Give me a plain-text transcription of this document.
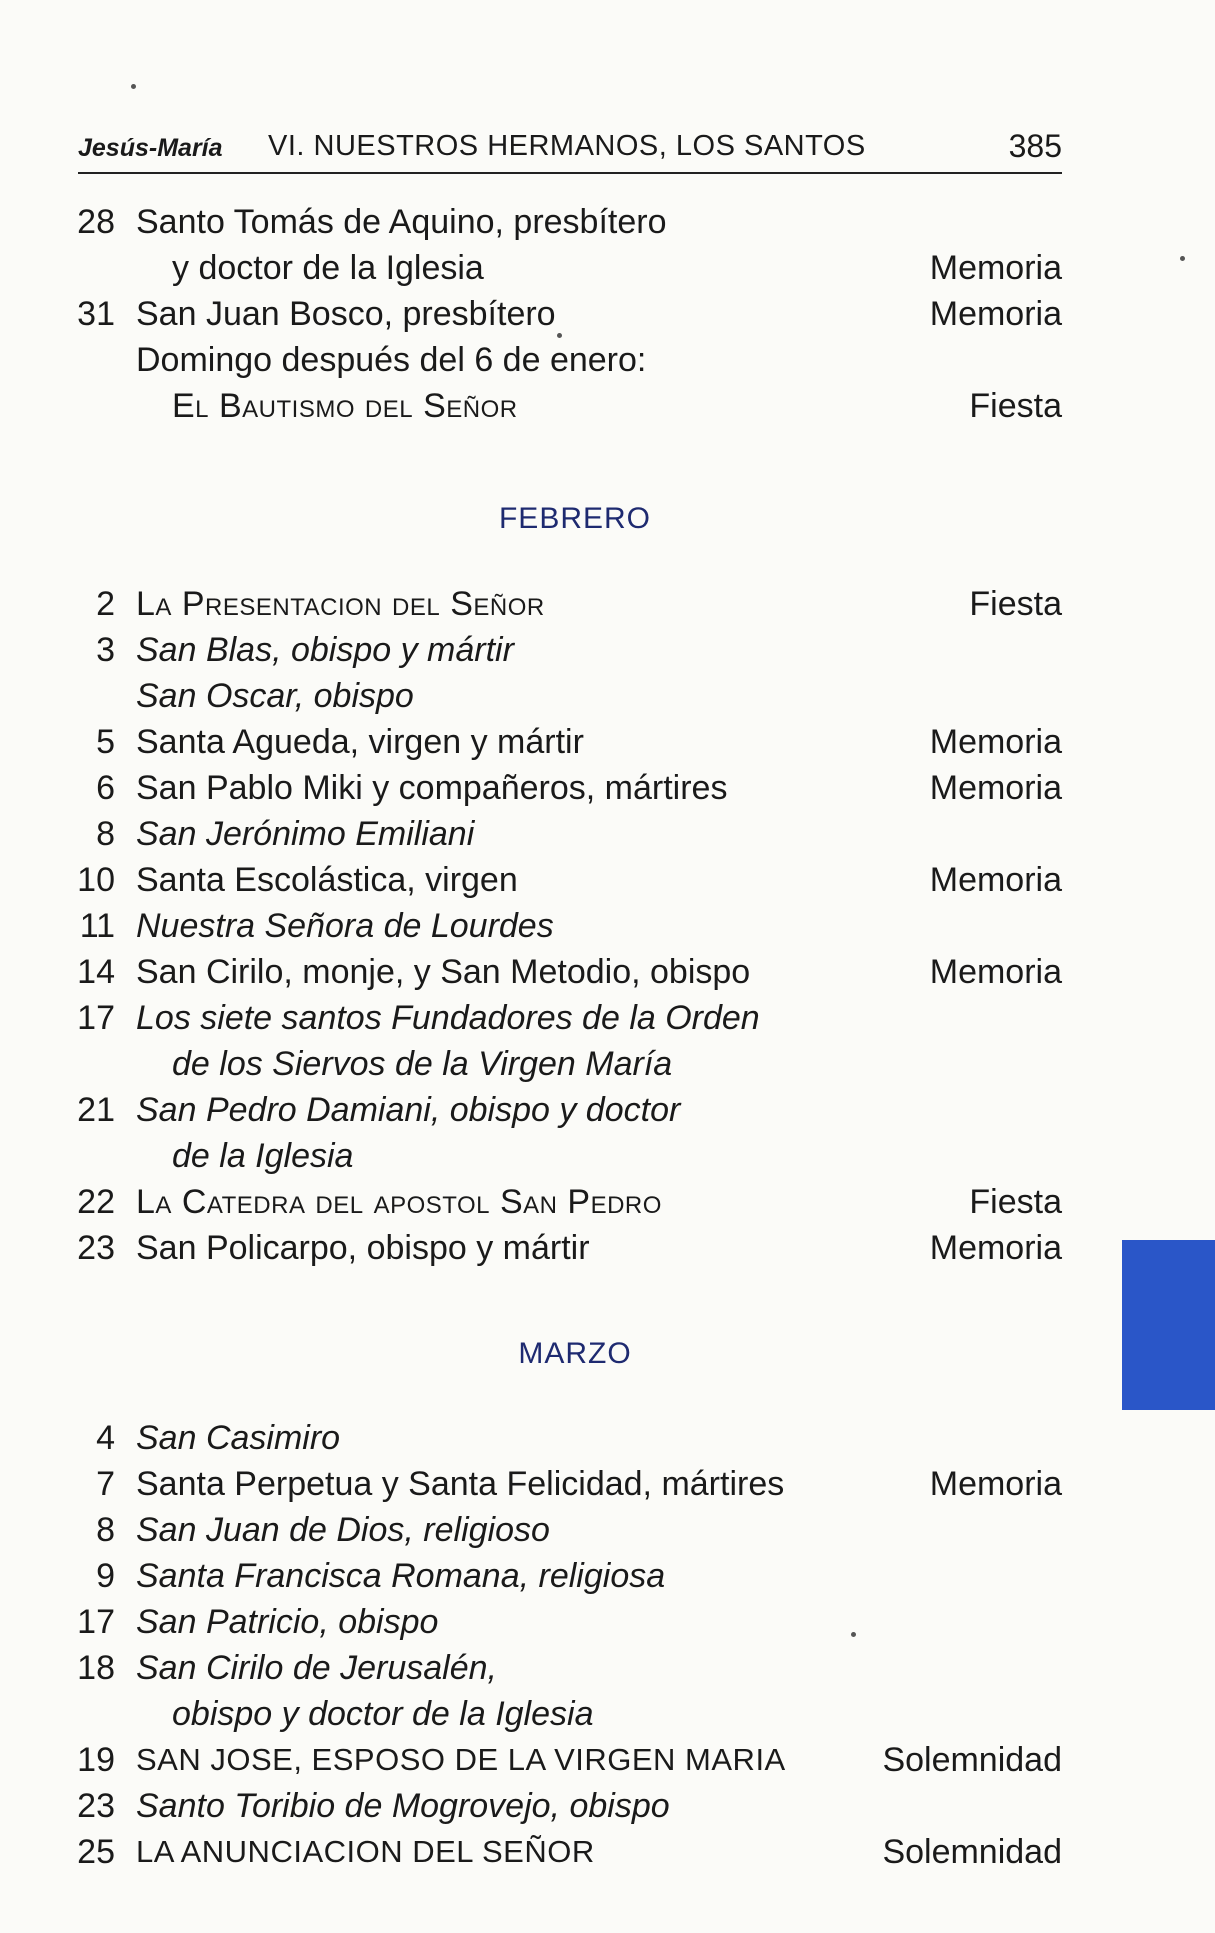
Jesús-María VI. NUESTROS HERMANOS, LOS SANTOS	385
28 Santo Tomás de Aquino, presbítero
y doctor de la Iglesia	Memoria
31 San Juan Bosco, presbítero	Memoria
Domingo después del 6 de enero:
El Bautismo del Señor	Fiesta
FEBRERO
2 La Presentacion del Señor	Fiesta
3 San Blas, obispo y mártir
San Oscar, obispo
5 Santa Agueda, virgen y mártir	Memoria
6 San Pablo Miki y compañeros, mártires	Memoria
8 San Jerónimo Emiliani
10 Santa Escolástica, virgen	Memoria
11 Nuestra Señora de Lourdes
14 San Cirilo, monje, y San Metodio, obispo	Memoria
17 Los siete santos Fundadores de la Orden
de los Siervos de la Virgen María
21 San Pedro Damiani, obispo y doctor
de la Iglesia
22 La Catedra del apostol San Pedro	Fiesta
23 San Policarpo, obispo y mártir	Memoria
MARZO
4 San Casimiro
7 Santa Perpetua y Santa Felicidad, mártires	Memoria
8 San Juan de Dios, religioso
9 Santa Francisca Romana, religiosa
17 San Patricio, obispo
18 San Cirilo de Jerusalén,
obispo y doctor de la Iglesia
19 SAN JOSE, ESPOSO DE LA VIRGEN MARIA	Solemnidad
23 Santo Toribio de Mogrovejo, obispo
25 LA ANUNCIACION DEL SEÑOR	Solemnidad
